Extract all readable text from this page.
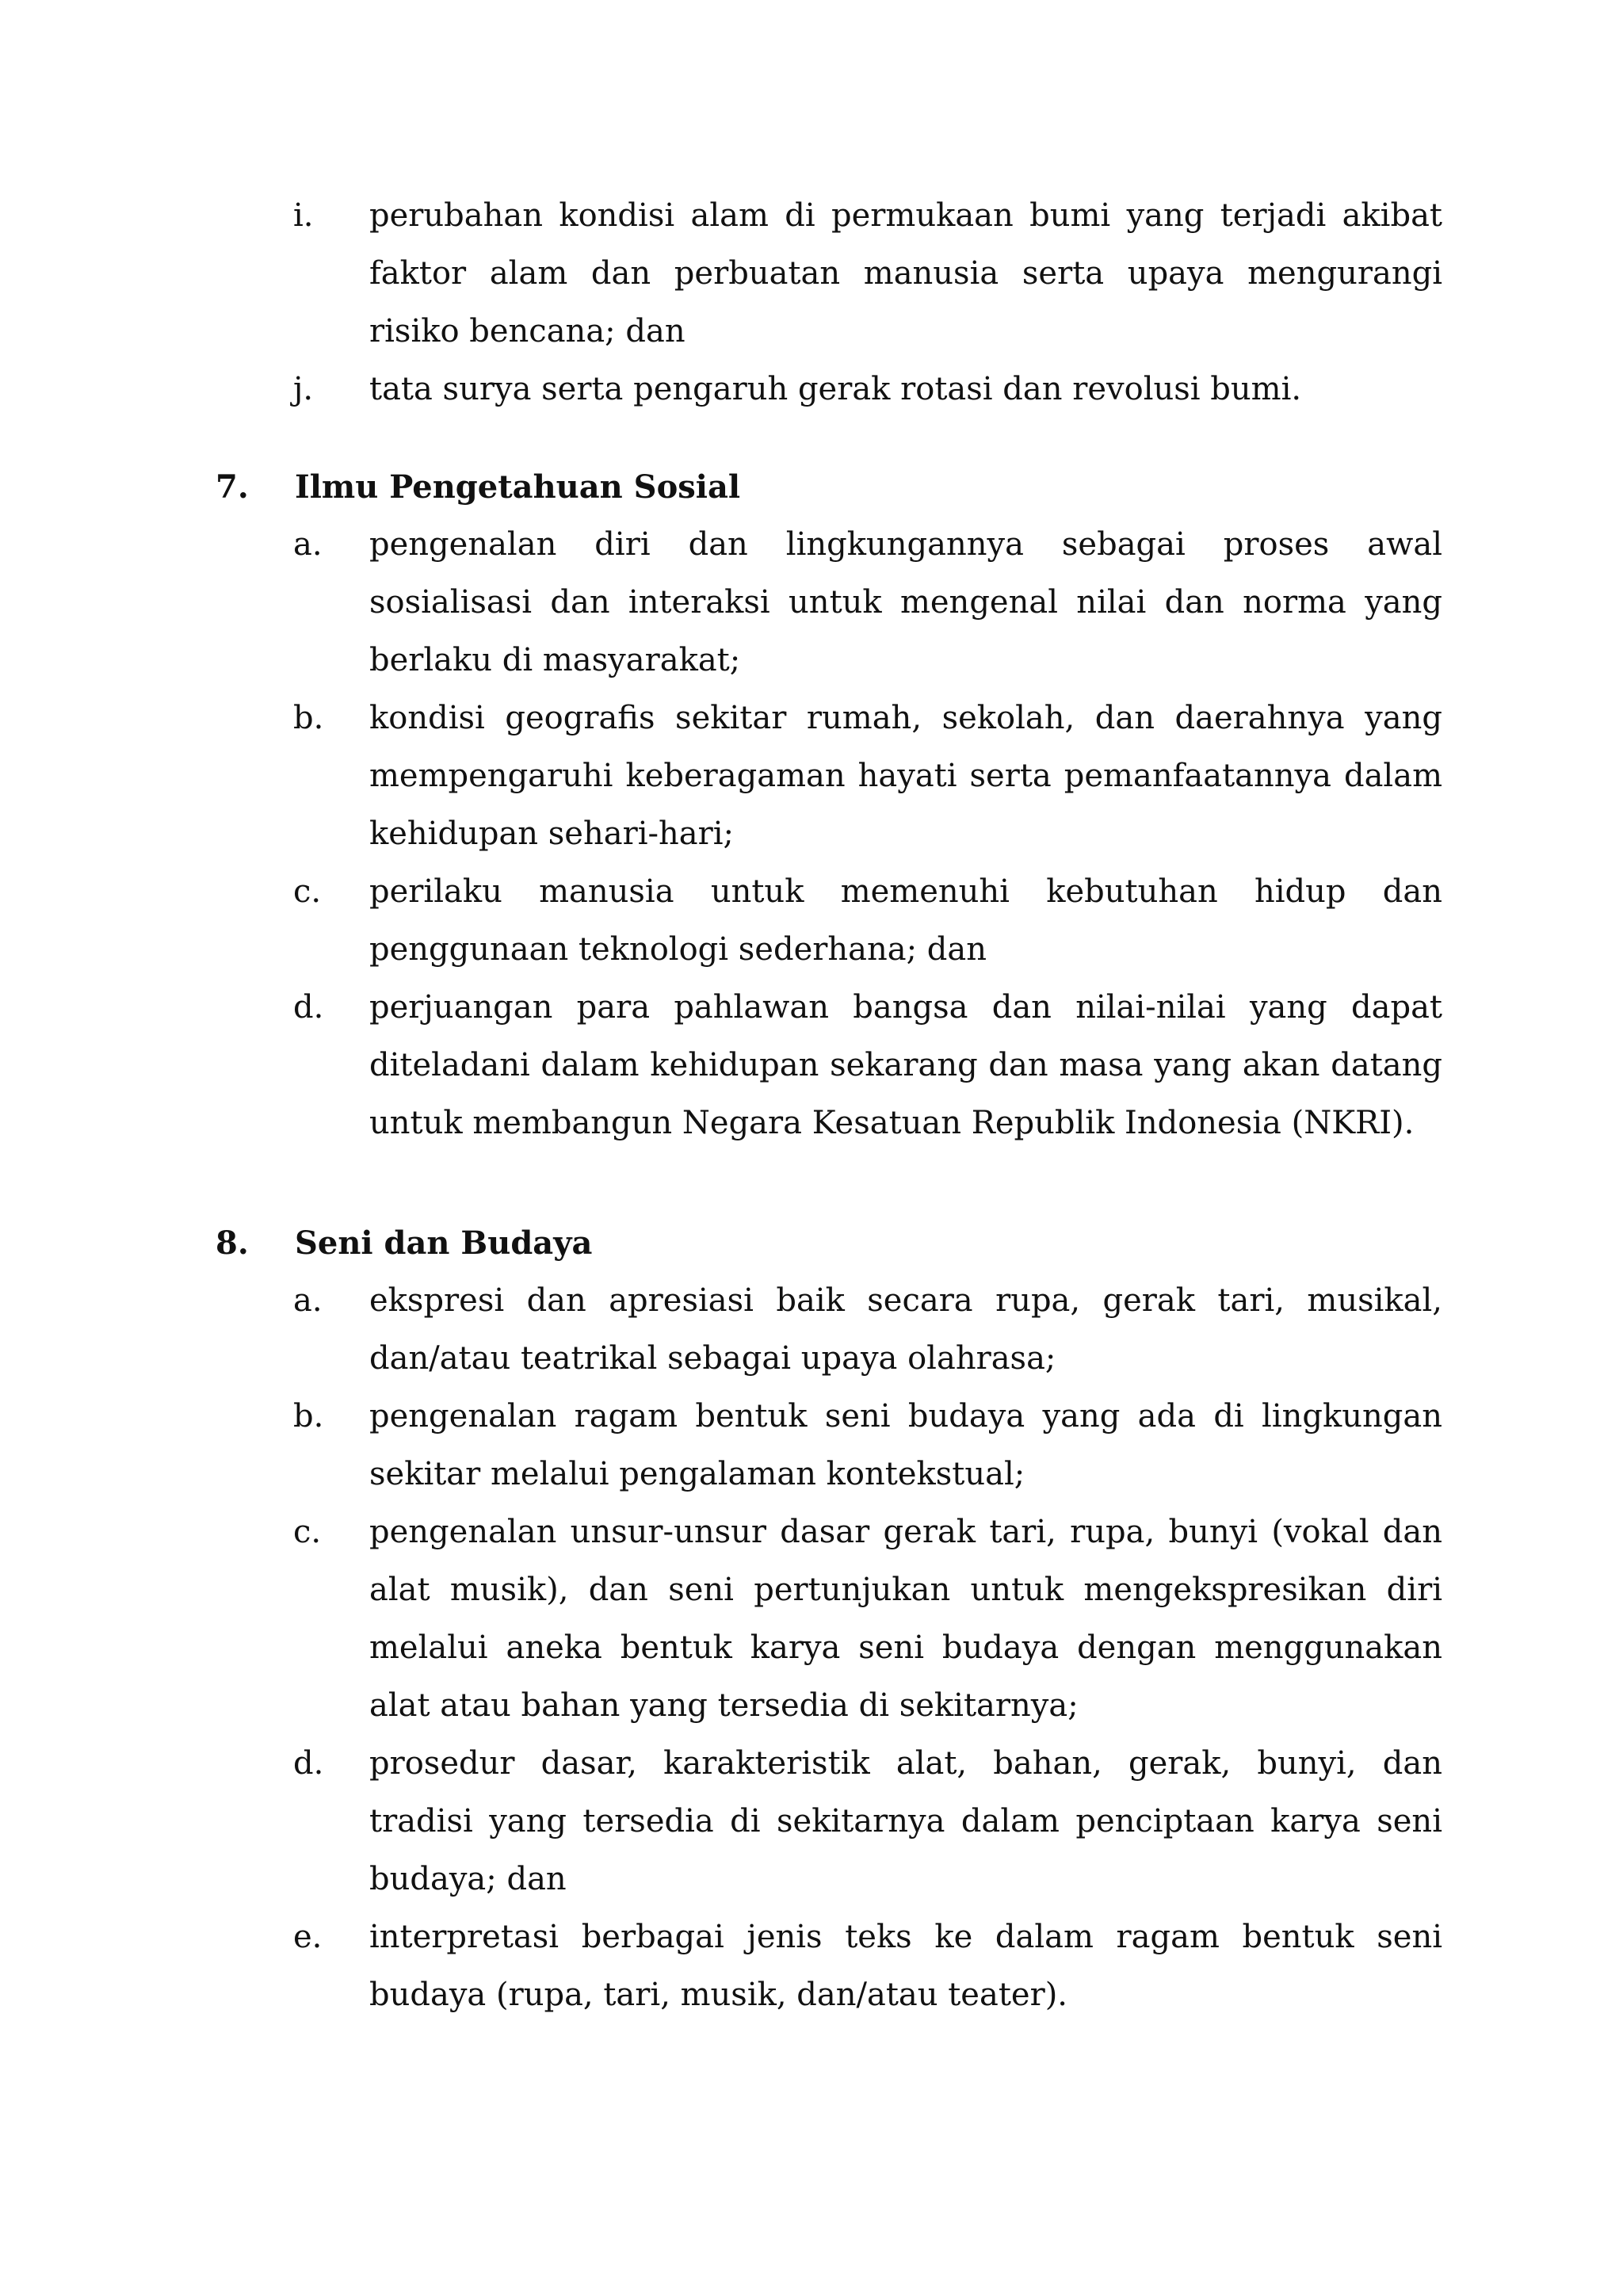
i.	perubahan kondisi alam di permukaan bumi yang terjadi akibat faktor alam dan perbuatan manusia serta upaya mengurangi risiko bencana; dan
j.	tata surya serta pengaruh gerak rotasi dan revolusi bumi.
7. Ilmu Pengetahuan Sosial
a.	pengenalan diri dan lingkungannya sebagai proses awal sosialisasi dan interaksi untuk mengenal nilai dan norma yang berlaku di masyarakat;
b.	kondisi geografis sekitar rumah, sekolah, dan daerahnya yang mempengaruhi keberagaman hayati serta pemanfaatannya dalam kehidupan sehari-hari;
c.	perilaku manusia untuk memenuhi kebutuhan hidup dan penggunaan teknologi sederhana; dan
d.	perjuangan para pahlawan bangsa dan nilai-nilai yang dapat diteladani dalam kehidupan sekarang dan masa yang akan datang untuk membangun Negara Kesatuan Republik Indonesia (NKRI).
8. Seni dan Budaya
a.	ekspresi dan apresiasi baik secara rupa, gerak tari, musikal, dan/atau teatrikal sebagai upaya olahrasa;
b.	pengenalan ragam bentuk seni budaya yang ada di lingkungan sekitar melalui pengalaman kontekstual;
c.	pengenalan unsur-unsur dasar gerak tari, rupa, bunyi (vokal dan alat musik), dan seni pertunjukan untuk mengekspresikan diri melalui aneka bentuk karya seni budaya dengan menggunakan alat atau bahan yang tersedia di sekitarnya;
d.	prosedur dasar, karakteristik alat, bahan, gerak, bunyi, dan tradisi yang tersedia di sekitarnya dalam penciptaan karya seni budaya; dan
e.	interpretasi berbagai jenis teks ke dalam ragam bentuk seni budaya (rupa, tari, musik, dan/atau teater).
